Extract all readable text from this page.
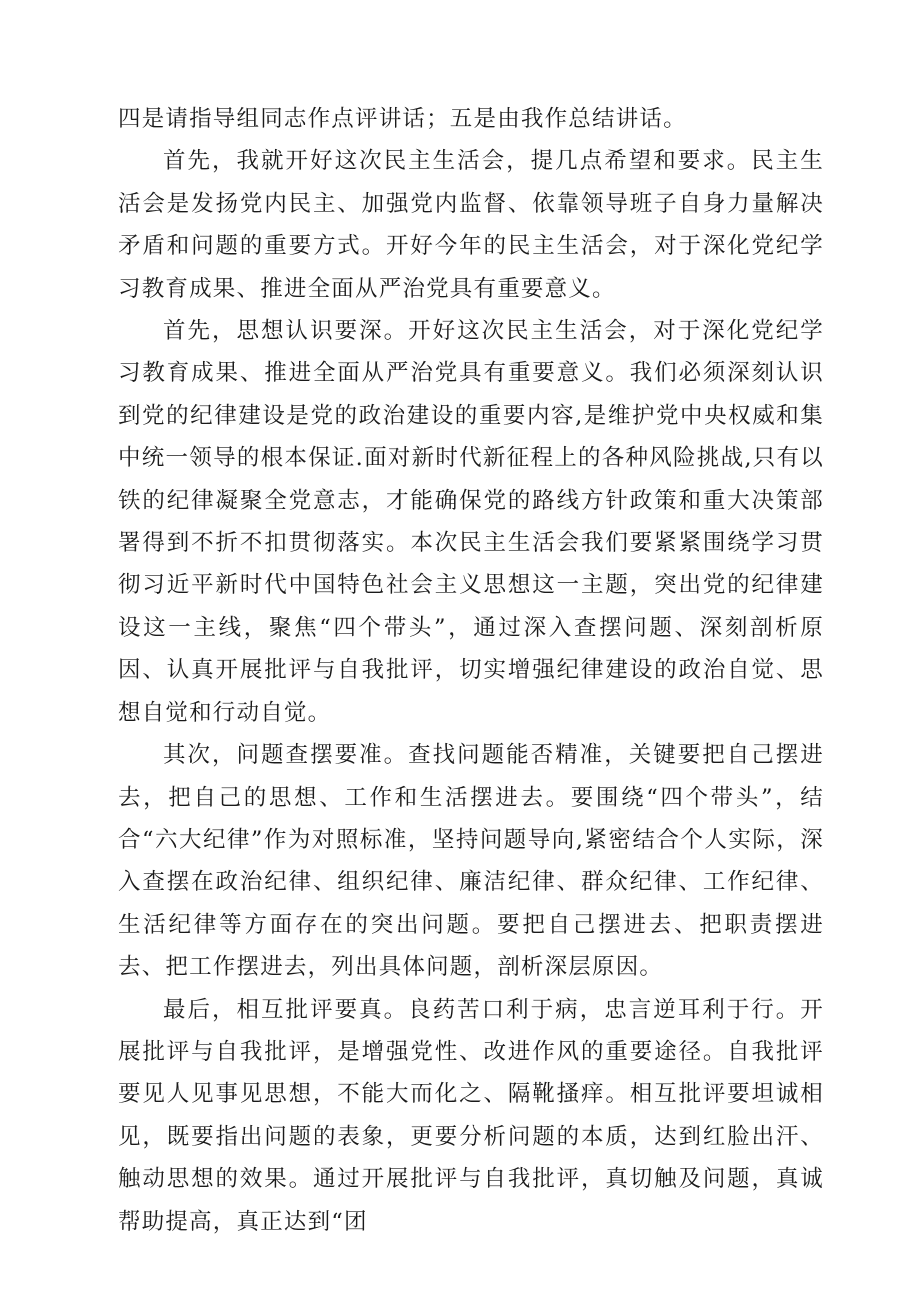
四是请指导组同志作点评讲话；五是由我作总结讲话。

首先，我就开好这次民主生活会，提几点希望和要求。民主生活会是发扬党内民主、加强党内监督、依靠领导班子自身力量解决矛盾和问题的重要方式。开好今年的民主生活会，对于深化党纪学习教育成果、推进全面从严治党具有重要意义。

首先，思想认识要深。开好这次民主生活会，对于深化党纪学习教育成果、推进全面从严治党具有重要意义。我们必须深刻认识到党的纪律建设是党的政治建设的重要内容,是维护党中央权威和集中统一领导的根本保证.面对新时代新征程上的各种风险挑战,只有以铁的纪律凝聚全党意志，才能确保党的路线方针政策和重大决策部署得到不折不扣贯彻落实。本次民主生活会我们要紧紧围绕学习贯彻习近平新时代中国特色社会主义思想这一主题，突出党的纪律建设这一主线，聚焦“四个带头”，通过深入查摆问题、深刻剖析原因、认真开展批评与自我批评，切实增强纪律建设的政治自觉、思想自觉和行动自觉。

其次，问题查摆要准。查找问题能否精准，关键要把自己摆进去，把自己的思想、工作和生活摆进去。要围绕“四个带头”，结合“六大纪律”作为对照标准，坚持问题导向,紧密结合个人实际，深入查摆在政治纪律、组织纪律、廉洁纪律、群众纪律、工作纪律、生活纪律等方面存在的突出问题。要把自己摆进去、把职责摆进去、把工作摆进去，列出具体问题，剖析深层原因。

最后，相互批评要真。良药苦口利于病，忠言逆耳利于行。开展批评与自我批评，是增强党性、改进作风的重要途径。自我批评要见人见事见思想，不能大而化之、隔靴搔痒。相互批评要坦诚相见，既要指出问题的表象，更要分析问题的本质，达到红脸出汗、触动思想的效果。通过开展批评与自我批评，真切触及问题，真诚帮助提高，真正达到“团
